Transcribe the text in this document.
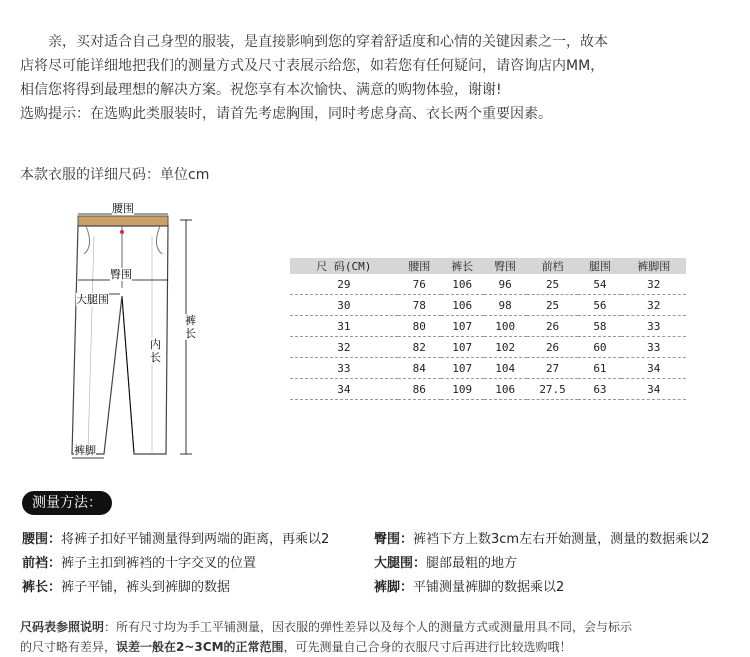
亲，买对适合自己身型的服装，是直接影响到您的穿着舒适度和心情的关键因素之一，故本

店将尽可能详细地把我们的测量方式及尺寸表展示给您，如若您有任何疑问，请咨询店内MM，

相信您将得到最理想的解决方案。祝您享有本次愉快、满意的购物体验，谢谢!

选购提示：在选购此类服装时，请首先考虑胸围，同时考虑身高、衣长两个重要因素。

本款衣服的详细尺码：单位cm
腰围
臀围
大腿围
内长
裤长
裤脚
尺 码(CM)	腰围	裤长	臀围	前档	腿围	裤脚围
29	76	106	96	25	54	32
30	78	106	98	25	56	32
31	80	107	100	26	58	33
32	82	107	102	26	60	33
33	84	107	104	27	61	34
34	86	109	106	27.5	63	34
测量方法：
腰围：将裤子扣好平铺测量得到两端的距离，再乘以2	臀围：裤裆下方上数3cm左右开始测量，测量的数据乘以2
前裆：裤子主扣到裤裆的十字交叉的位置	大腿围：腿部最粗的地方
裤长：裤子平铺，裤头到裤脚的数据	裤脚：平铺测量裤脚的数据乘以2
尺码表参照说明：所有尺寸均为手工平铺测量，因衣服的弹性差异以及每个人的测量方式或测量用具不同，会与标示
的尺寸略有差异，误差一般在2~3CM的正常范围，可先测量自己合身的衣服尺寸后再进行比较选购哦！
